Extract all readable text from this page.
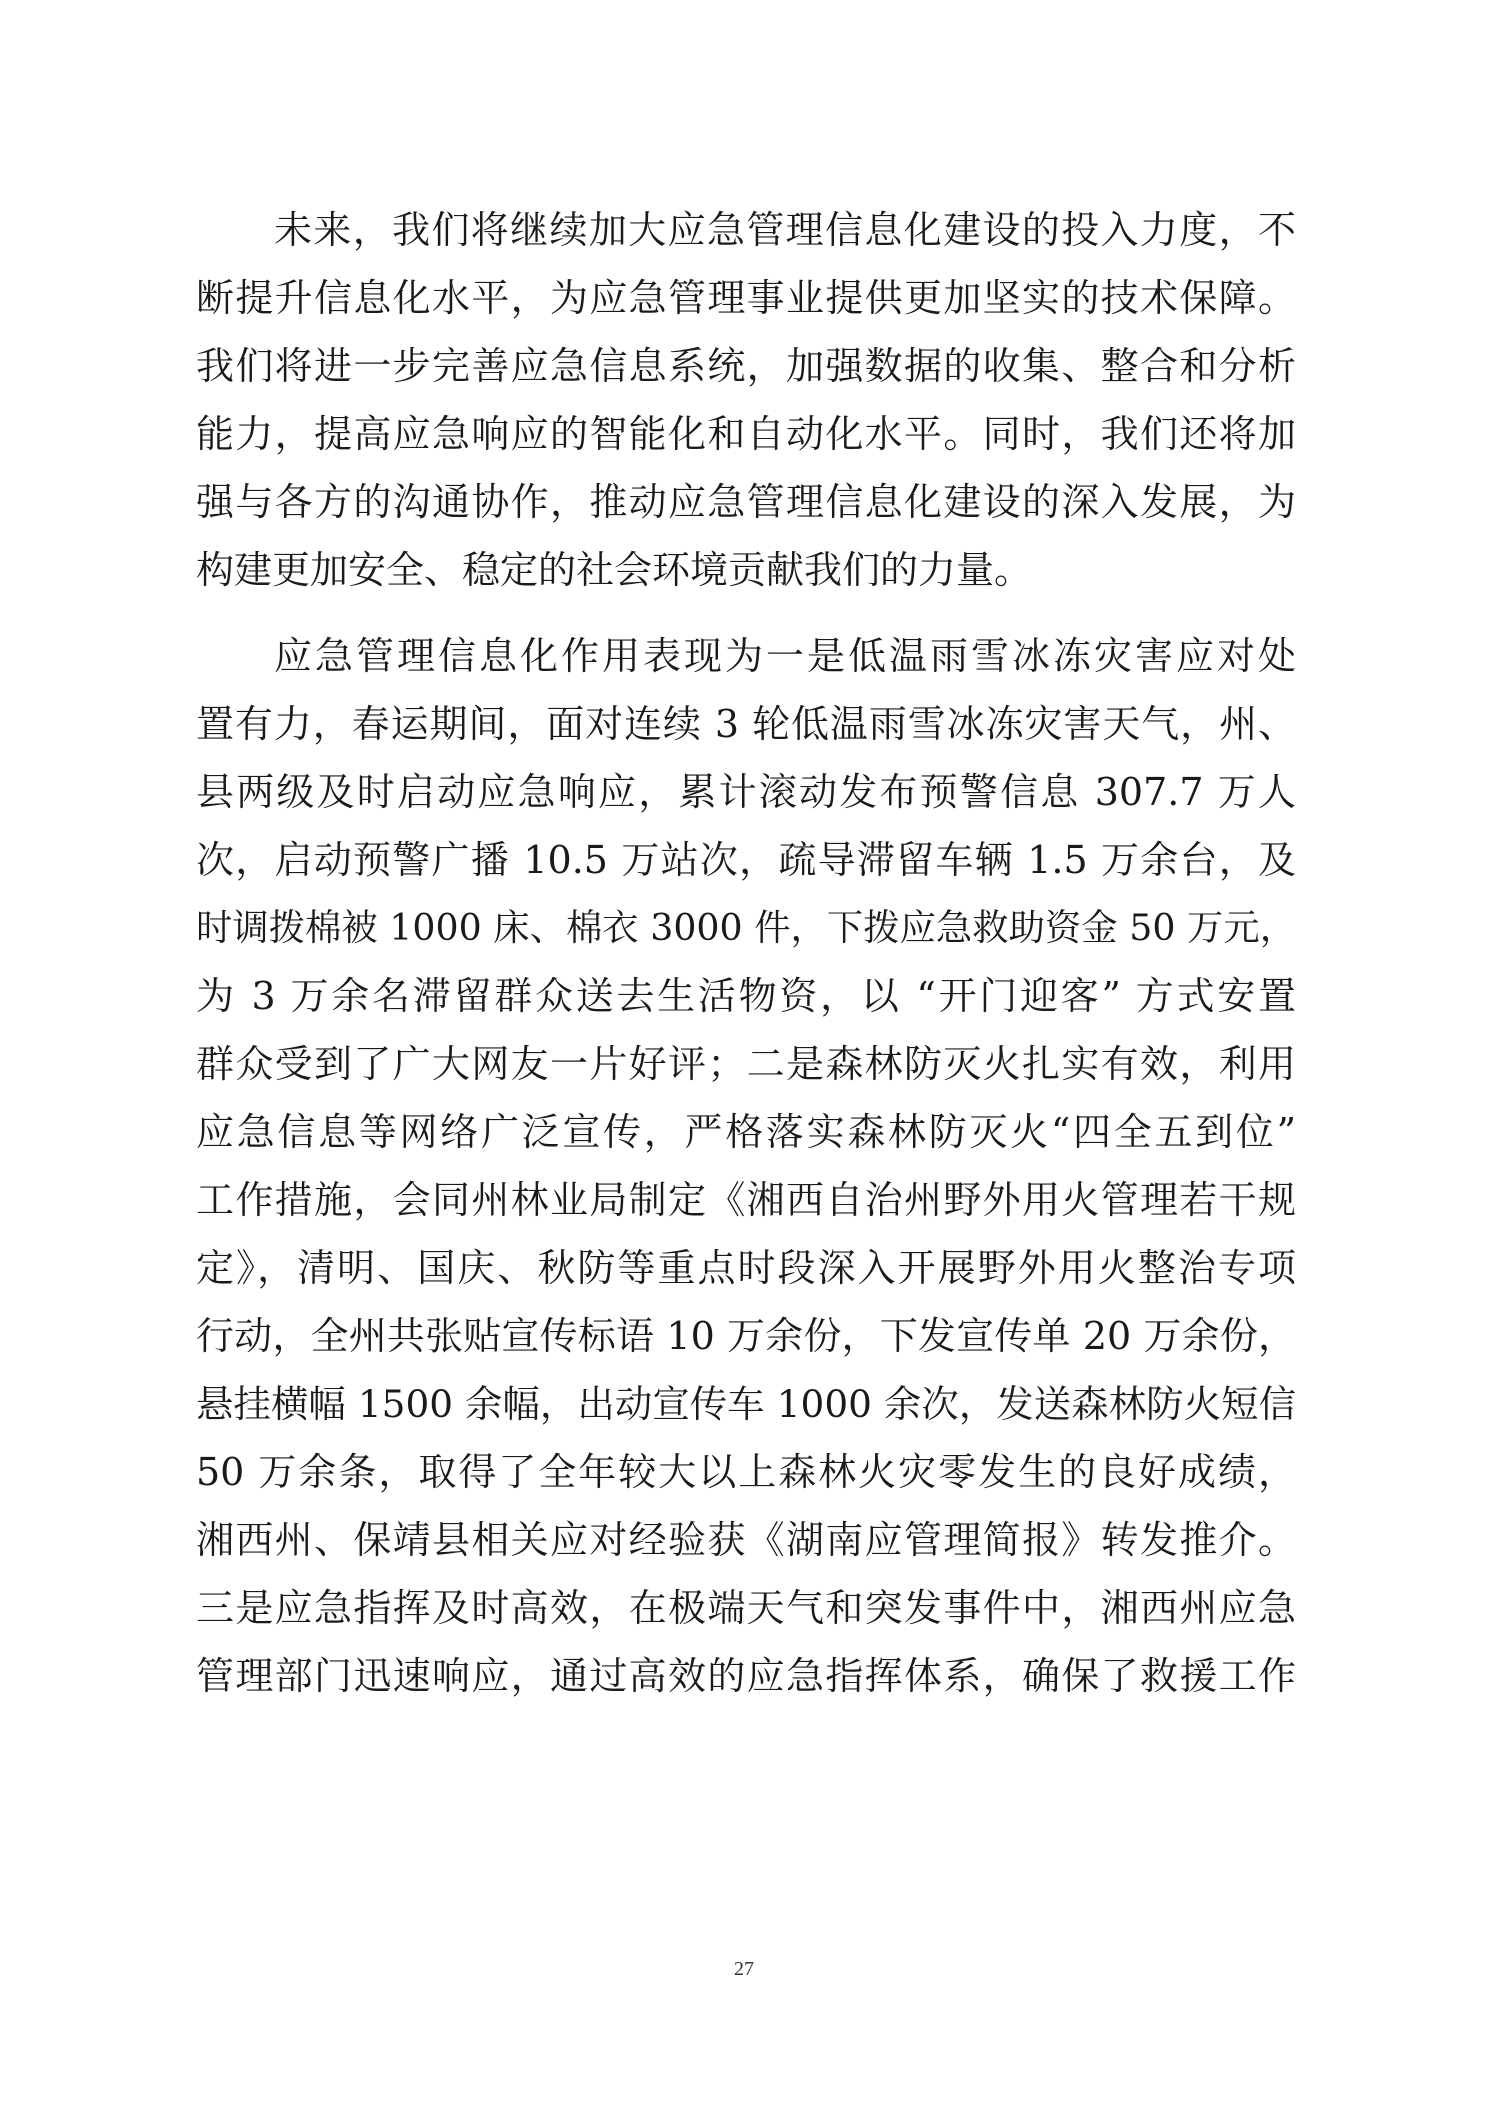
未来，我们将继续加大应急管理信息化建设的投入力度，不
断提升信息化水平，为应急管理事业提供更加坚实的技术保障。
我们将进一步完善应急信息系统，加强数据的收集、整合和分析
能力，提高应急响应的智能化和自动化水平。同时，我们还将加
强与各方的沟通协作，推动应急管理信息化建设的深入发展，为
构建更加安全、稳定的社会环境贡献我们的力量。
应急管理信息化作用表现为一是低温雨雪冰冻灾害应对处
置有力，春运期间，面对连续 3 轮低温雨雪冰冻灾害天气，州、
县两级及时启动应急响应，累计滚动发布预警信息 307.7 万人
次，启动预警广播 10.5 万站次，疏导滞留车辆 1.5 万余台，及
时调拨棉被 1000 床、棉衣 3000 件，下拨应急救助资金 50 万元，
为 3 万余名滞留群众送去生活物资，以 “开门迎客” 方式安置
群众受到了广大网友一片好评；二是森林防灭火扎实有效，利用
应急信息等网络广泛宣传，严格落实森林防灭火“四全五到位”
工作措施，会同州林业局制定《湘西自治州野外用火管理若干规
定》，清明、国庆、秋防等重点时段深入开展野外用火整治专项
行动，全州共张贴宣传标语 10 万余份，下发宣传单 20 万余份，
悬挂横幅 1500 余幅，出动宣传车 1000 余次，发送森林防火短信
50 万余条，取得了全年较大以上森林火灾零发生的良好成绩，
湘西州、保靖县相关应对经验获《湖南应管理简报》转发推介。
三是应急指挥及时高效，在极端天气和突发事件中，湘西州应急
管理部门迅速响应，通过高效的应急指挥体系，确保了救援工作
27
